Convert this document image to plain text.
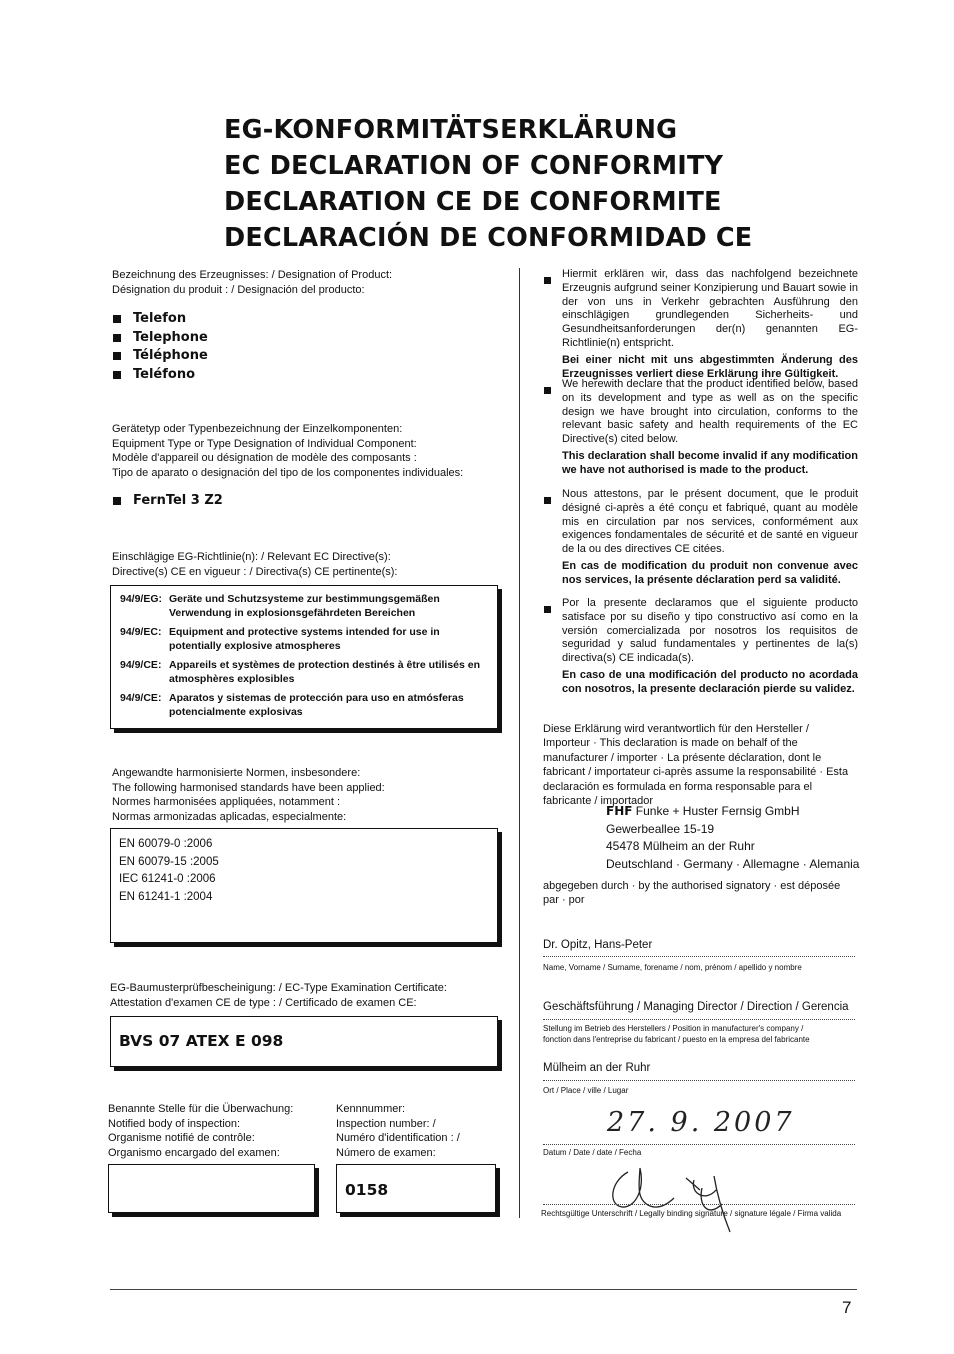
EG-KONFORMITÄTSERKLÄRUNG
EC DECLARATION OF CONFORMITY
DECLARATION CE DE CONFORMITE
DECLARACIÓN DE CONFORMIDAD CE
Bezeichnung des Erzeugnisses: / Designation of Product:
Désignation du produit : / Designación del producto:
Telefon
Telephone
Téléphone
Teléfono
Gerätetyp oder Typenbezeichnung der Einzelkomponenten:
Equipment Type or Type Designation of Individual Component:
Modèle d'appareil ou désignation de modèle des composants :
Tipo de aparato o designación del tipo de los componentes individuales:
FernTel 3 Z2
Einschlägige EG-Richtlinie(n): / Relevant EC Directive(s):
Directive(s) CE en vigueur : / Directiva(s) CE pertinente(s):
94/9/EG: Geräte und Schutzsysteme zur bestimmungsgemäßen Verwendung in explosionsgefährdeten Bereichen
94/9/EC: Equipment and protective systems intended for use in potentially explosive atmospheres
94/9/CE: Appareils et systèmes de protection destinés à être utilisés en atmosphères explosibles
94/9/CE: Aparatos y sistemas de protección para uso en atmósferas potencialmente explosivas
Angewandte harmonisierte Normen, insbesondere:
The following harmonised standards have been applied:
Normes harmonisées appliquées, notamment :
Normas armonizadas aplicadas, especialmente:
EN 60079-0 :2006
EN 60079-15 :2005
IEC 61241-0 :2006
EN 61241-1 :2004
EG-Baumusterprüfbescheinigung: / EC-Type Examination Certificate:
Attestation d'examen CE de type : / Certificado de examen CE:
BVS 07 ATEX E 098
Benannte Stelle für die Überwachung:
Notified body of inspection:
Organisme notifié de contrôle:
Organismo encargado del examen:
Kennnummer:
Inspection number: /
Numéro d'identification : /
Número de examen:
0158

Hiermit erklären wir, dass das nachfolgend bezeichnete Erzeugnis aufgrund seiner Konzipierung und Bauart sowie in der von uns in Verkehr gebrachten Ausführung den einschlägigen grundlegenden Sicherheits- und Gesundheitsanforderungen der(n) genannten EG-Richtlinie(n) entspricht.

Bei einer nicht mit uns abgestimmten Änderung des Erzeugnisses verliert diese Erklärung ihre Gültigkeit.

We herewith declare that the product identified below, based on its development and type as well as on the specific design we have brought into circulation, conforms to the relevant basic safety and health requirements of the EC Directive(s) cited below.

This declaration shall become invalid if any modification we have not authorised is made to the product.

Nous attestons, par le présent document, que le produit désigné ci-après a été conçu et fabriqué, quant au modèle mis en circulation par nos services, conformément aux exigences fondamentales de sécurité et de santé en vigueur de la ou des directives CE citées.

En cas de modification du produit non convenue avec nos services, la présente déclaration perd sa validité.

Por la presente declaramos que el siguiente producto satisface por su diseño y tipo constructivo así como en la versión comercializada por nosotros los requisitos de seguridad y salud fundamentales y pertinentes de la(s) directiva(s) CE indicada(s).

En caso de una modificación del producto no acordada con nosotros, la presente declaración pierde su validez.

Diese Erklärung wird verantwortlich für den Hersteller / Importeur · This declaration is made on behalf of the manufacturer / importer · La présente déclaration, dont le fabricant / importateur ci-après assume la responsabilité · Esta declaración es formulada en forma responsable para el fabricante / importador
FHF Funke + Huster Fernsig GmbH
Gewerbeallee 15-19
45478 Mülheim an der Ruhr
Deutschland · Germany · Allemagne · Alemania
abgegeben durch · by the authorised signatory · est déposée par · por
Dr. Opitz, Hans-Peter
Name, Vorname / Surname, forename / nom, prénom / apellido y nombre
Geschäftsführung / Managing Director / Direction / Gerencia
Stellung im Betrieb des Herstellers / Position in manufacturer's company /
fonction dans l'entreprise du fabricant / puesto en la empresa del fabricante
Mülheim an der Ruhr
Ort / Place / ville / Lugar
27. 9. 2007
Datum / Date / date / Fecha
Rechtsgültige Unterschrift / Legally binding signature / signature légale / Firma valida
7
